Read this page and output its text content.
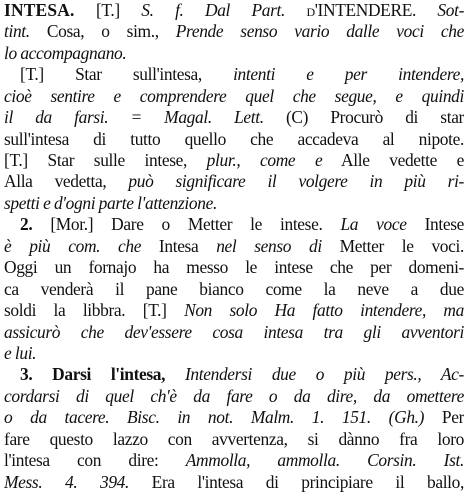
INTESA. [T.] S. f. Dal Part. d'INTENDERE. Sot-
tint. Cosa, o sim., Prende senso vario dalle voci che
lo accompagnano.
[T.] Star sull'intesa, intenti e per intendere,
cioè sentire e comprendere quel che segue, e quindi
il da farsi. = Magal. Lett. (C) Procurò di star
sull'intesa di tutto quello che accadeva al nipote.
[T.] Star sulle intese, plur., come e Alle vedette e
Alla vedetta, può significare il volgere in più ri-
spetti e d'ogni parte l'attenzione.
2. [Mor.] Dare o Metter le intese. La voce Intese
è più com. che Intesa nel senso di Metter le voci.
Oggi un fornajo ha messo le intese che per domeni-
ca venderà il pane bianco come la neve a due
soldi la libbra. [T.] Non solo Ha fatto intendere, ma
assicurò che dev'essere cosa intesa tra gli avventori
e lui.
3. Darsi l'intesa, Intendersi due o più pers., Ac-
cordarsi di quel ch'è da fare o da dire, da omettere
o da tacere. Bisc. in not. Malm. 1. 151. (Gh.) Per
fare questo lazzo con avvertenza, si dànno fra loro
l'intesa con dire: Ammolla, ammolla. Corsin. Ist.
Mess. 4. 394. Era l'intesa di principiare il ballo,
